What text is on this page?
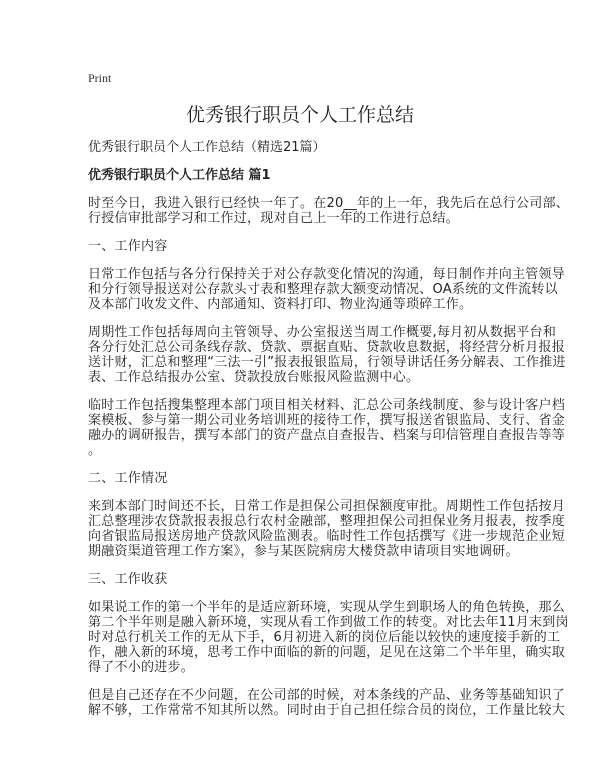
Print
优秀银行职员个人工作总结
优秀银行职员个人工作总结（精选21篇）
优秀银行职员个人工作总结 篇1
时至今日，我进入银行已经快一年了。在20__年的上一年，我先后在总行公司部、
行授信审批部学习和工作过，现对自己上一年的工作进行总结。
一、工作内容
日常工作包括与各分行保持关于对公存款变化情况的沟通，每日制作并向主管领导
和分行领导报送对公存款头寸表和整理存款大额变动情况、OA系统的文件流转以
及本部门收发文件、内部通知、资料打印、物业沟通等琐碎工作。
周期性工作包括每周向主管领导、办公室报送当周工作概要,每月初从数据平台和
各分行处汇总公司条线存款、贷款、票据直贴、贷款收息数据，将经营分析月报报
送计财，汇总和整理“三法一引”报表报银监局，行领导讲话任务分解表、工作推进
表、工作总结报办公室、贷款投放台账报风险监测中心。
临时工作包括搜集整理本部门项目相关材料、汇总公司条线制度、参与设计客户档
案模板、参与第一期公司业务培训班的接待工作，撰写报送省银监局、支行、省金
融办的调研报告，撰写本部门的资产盘点自查报告、档案与印信管理自查报告等等
。
二、工作情况
来到本部门时间还不长，日常工作是担保公司担保额度审批。周期性工作包括按月
汇总整理涉农贷款报表报总行农村金融部，整理担保公司担保业务月报表，按季度
向省银监局报送房地产贷款风险监测表。临时性工作包括撰写《进一步规范企业短
期融资渠道管理工作方案》，参与某医院病房大楼贷款申请项目实地调研。
三、工作收获
如果说工作的第一个半年的是适应新环境，实现从学生到职场人的角色转换，那么
第二个半年则是融入新环境，实现从看工作到做工作的转变。对比去年11月末到岗
时对总行机关工作的无从下手，6月初进入新的岗位后能以较快的速度接手新的工
作，融入新的环境，思考工作中面临的新的问题，足见在这第二个半年里，确实取
得了不小的进步。
但是自己还存在不少问题，在公司部的时候，对本条线的产品、业务等基础知识了
解不够，工作常常不知其所以然。同时由于自己担任综合员的岗位，工作量比较大
